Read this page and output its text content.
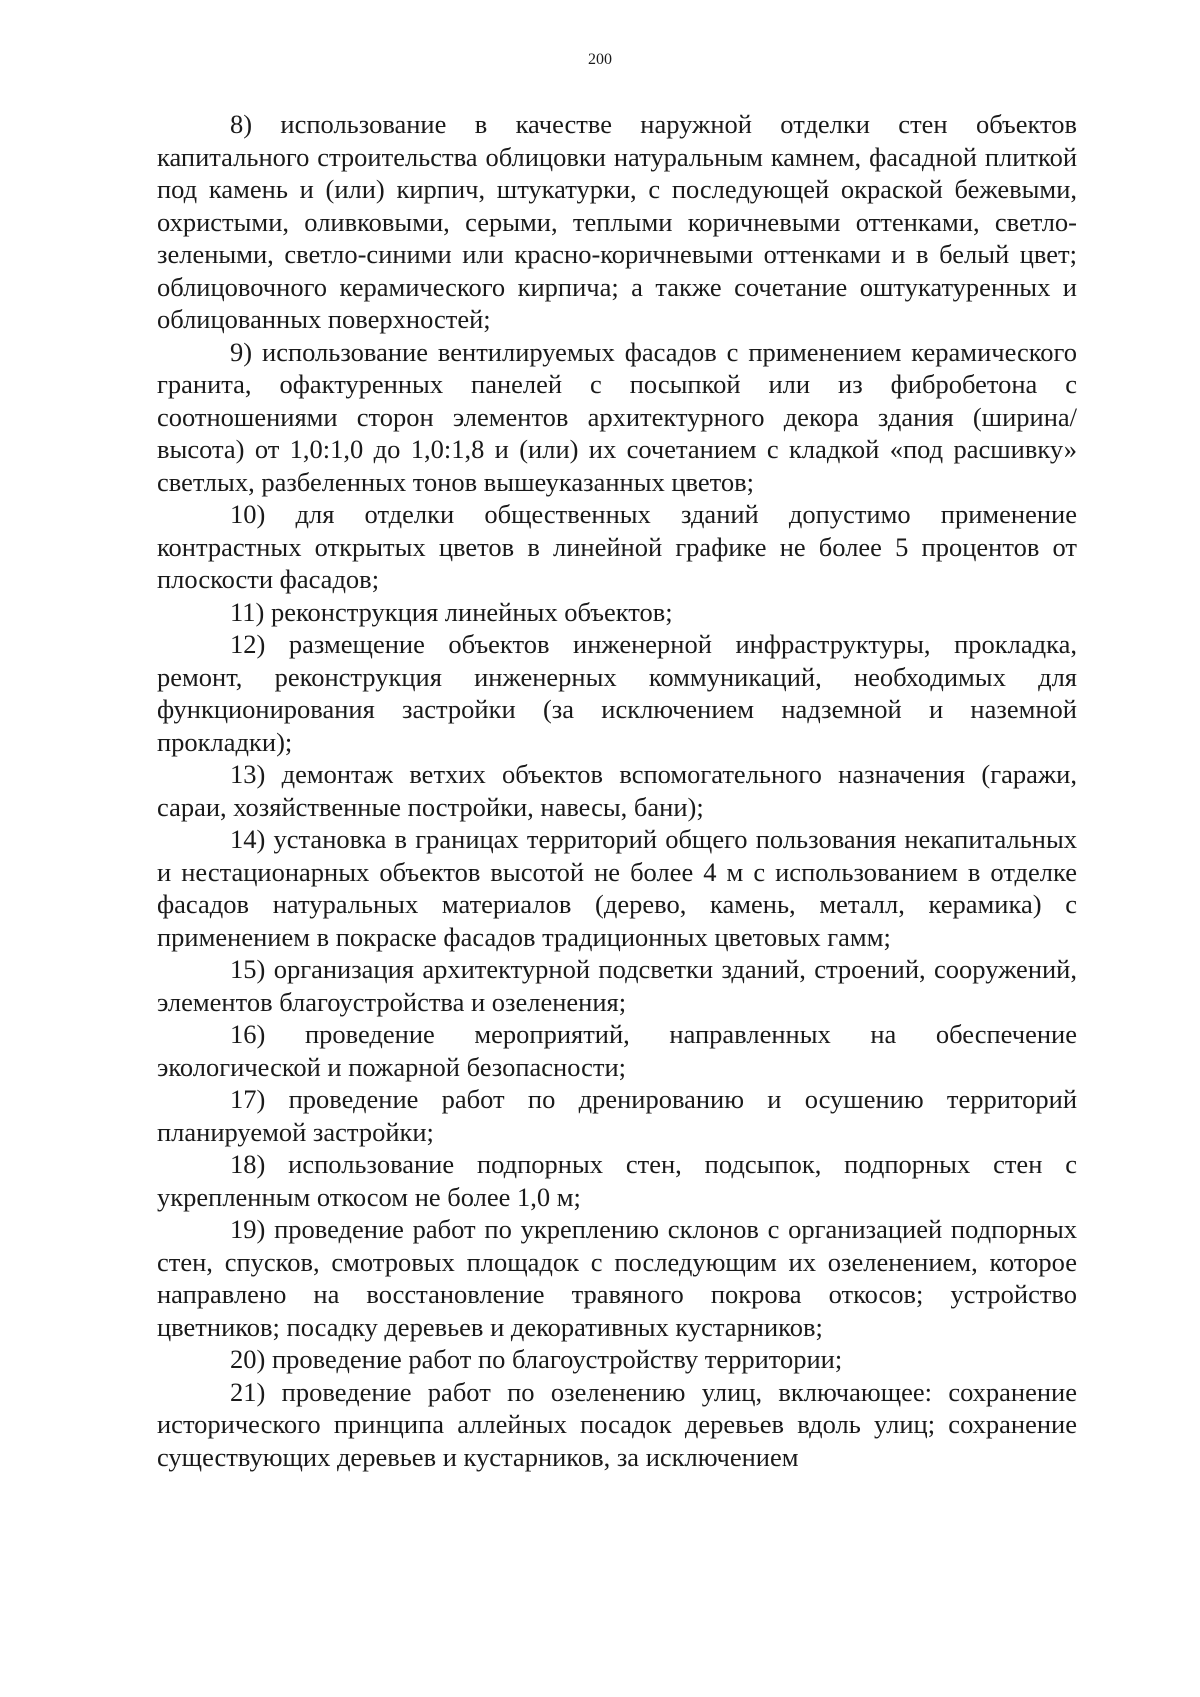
200

8) использование в качестве наружной отделки стен объектов капитального строительства облицовки натуральным камнем, фасадной плиткой под камень и (или) кирпич, штукатурки, с последующей окраской бежевыми, охристыми, оливковыми, серыми, теплыми коричневыми оттенками, светло-зелеными, светло-синими или красно-коричневыми оттенками и в белый цвет; облицовочного керамического кирпича; а также сочетание оштукатуренных и облицованных поверхностей;

9) использование вентилируемых фасадов с применением керамического гранита, офактуренных панелей с посыпкой или из фибробетона с соотношениями сторон элементов архитектурного декора здания (ширина/высота) от 1,0:1,0 до 1,0:1,8 и (или) их сочетанием с кладкой «под расшивку» светлых, разбеленных тонов вышеуказанных цветов;

10) для отделки общественных зданий допустимо применение контрастных открытых цветов в линейной графике не более 5 процентов от плоскости фасадов;

11) реконструкция линейных объектов;

12) размещение объектов инженерной инфраструктуры, прокладка, ремонт, реконструкция инженерных коммуникаций, необходимых для функционирования застройки (за исключением надземной и наземной прокладки);

13) демонтаж ветхих объектов вспомогательного назначения (гаражи, сараи, хозяйственные постройки, навесы, бани);

14) установка в границах территорий общего пользования некапитальных и нестационарных объектов высотой не более 4 м с использованием в отделке фасадов натуральных материалов (дерево, камень, металл, керамика) с применением в покраске фасадов традиционных цветовых гамм;

15) организация архитектурной подсветки зданий, строений, сооружений, элементов благоустройства и озеленения;

16) проведение мероприятий, направленных на обеспечение экологической и пожарной безопасности;

17) проведение работ по дренированию и осушению территорий планируемой застройки;

18) использование подпорных стен, подсыпок, подпорных стен с укрепленным откосом не более 1,0 м;

19) проведение работ по укреплению склонов с организацией подпорных стен, спусков, смотровых площадок с последующим их озеленением, которое направлено на восстановление травяного покрова откосов; устройство цветников; посадку деревьев и декоративных кустарников;

20) проведение работ по благоустройству территории;

21) проведение работ по озеленению улиц, включающее: сохранение исторического принципа аллейных посадок деревьев вдоль улиц; сохранение существующих деревьев и кустарников, за исключением
